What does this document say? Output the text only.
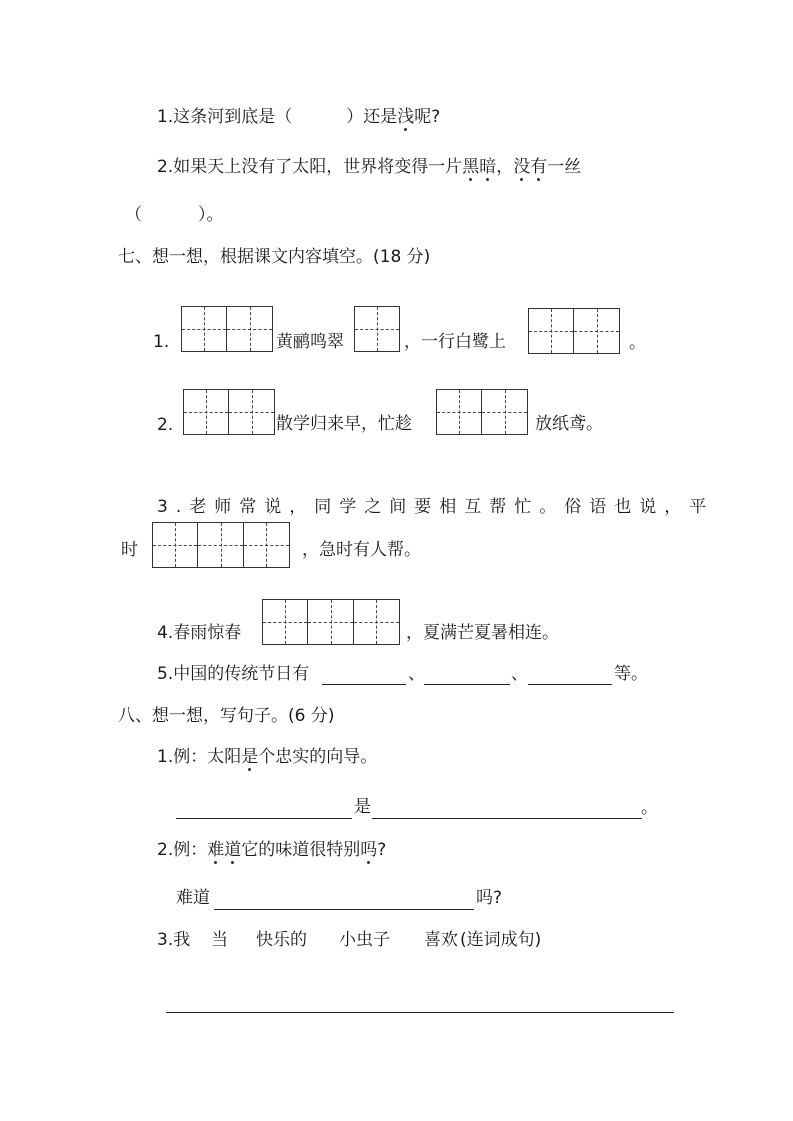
1.这条河到底是（	）还是浅呢?
2.如果天上没有了太阳，世界将变得一片黑暗，没有一丝
（	）。
七、想一想，根据课文内容填空。(18 分)
1.	黄鹂鸣翠	，一行白鹭上	。
2.	散学归来早，忙趁	放纸鸢。
3.老师常说，同学之间要相互帮忙。俗语也说，平
时	，急时有人帮。
4.春雨惊春	，夏满芒夏暑相连。
5.中国的传统节日有	、	、	等。
八、想一想，写句子。(6 分)
1.例：太阳是个忠实的向导。
是	。
2.例：难道它的味道很特别吗?
难道	吗?
3.我 当 快乐的 小虫子 喜欢 (连词成句)
